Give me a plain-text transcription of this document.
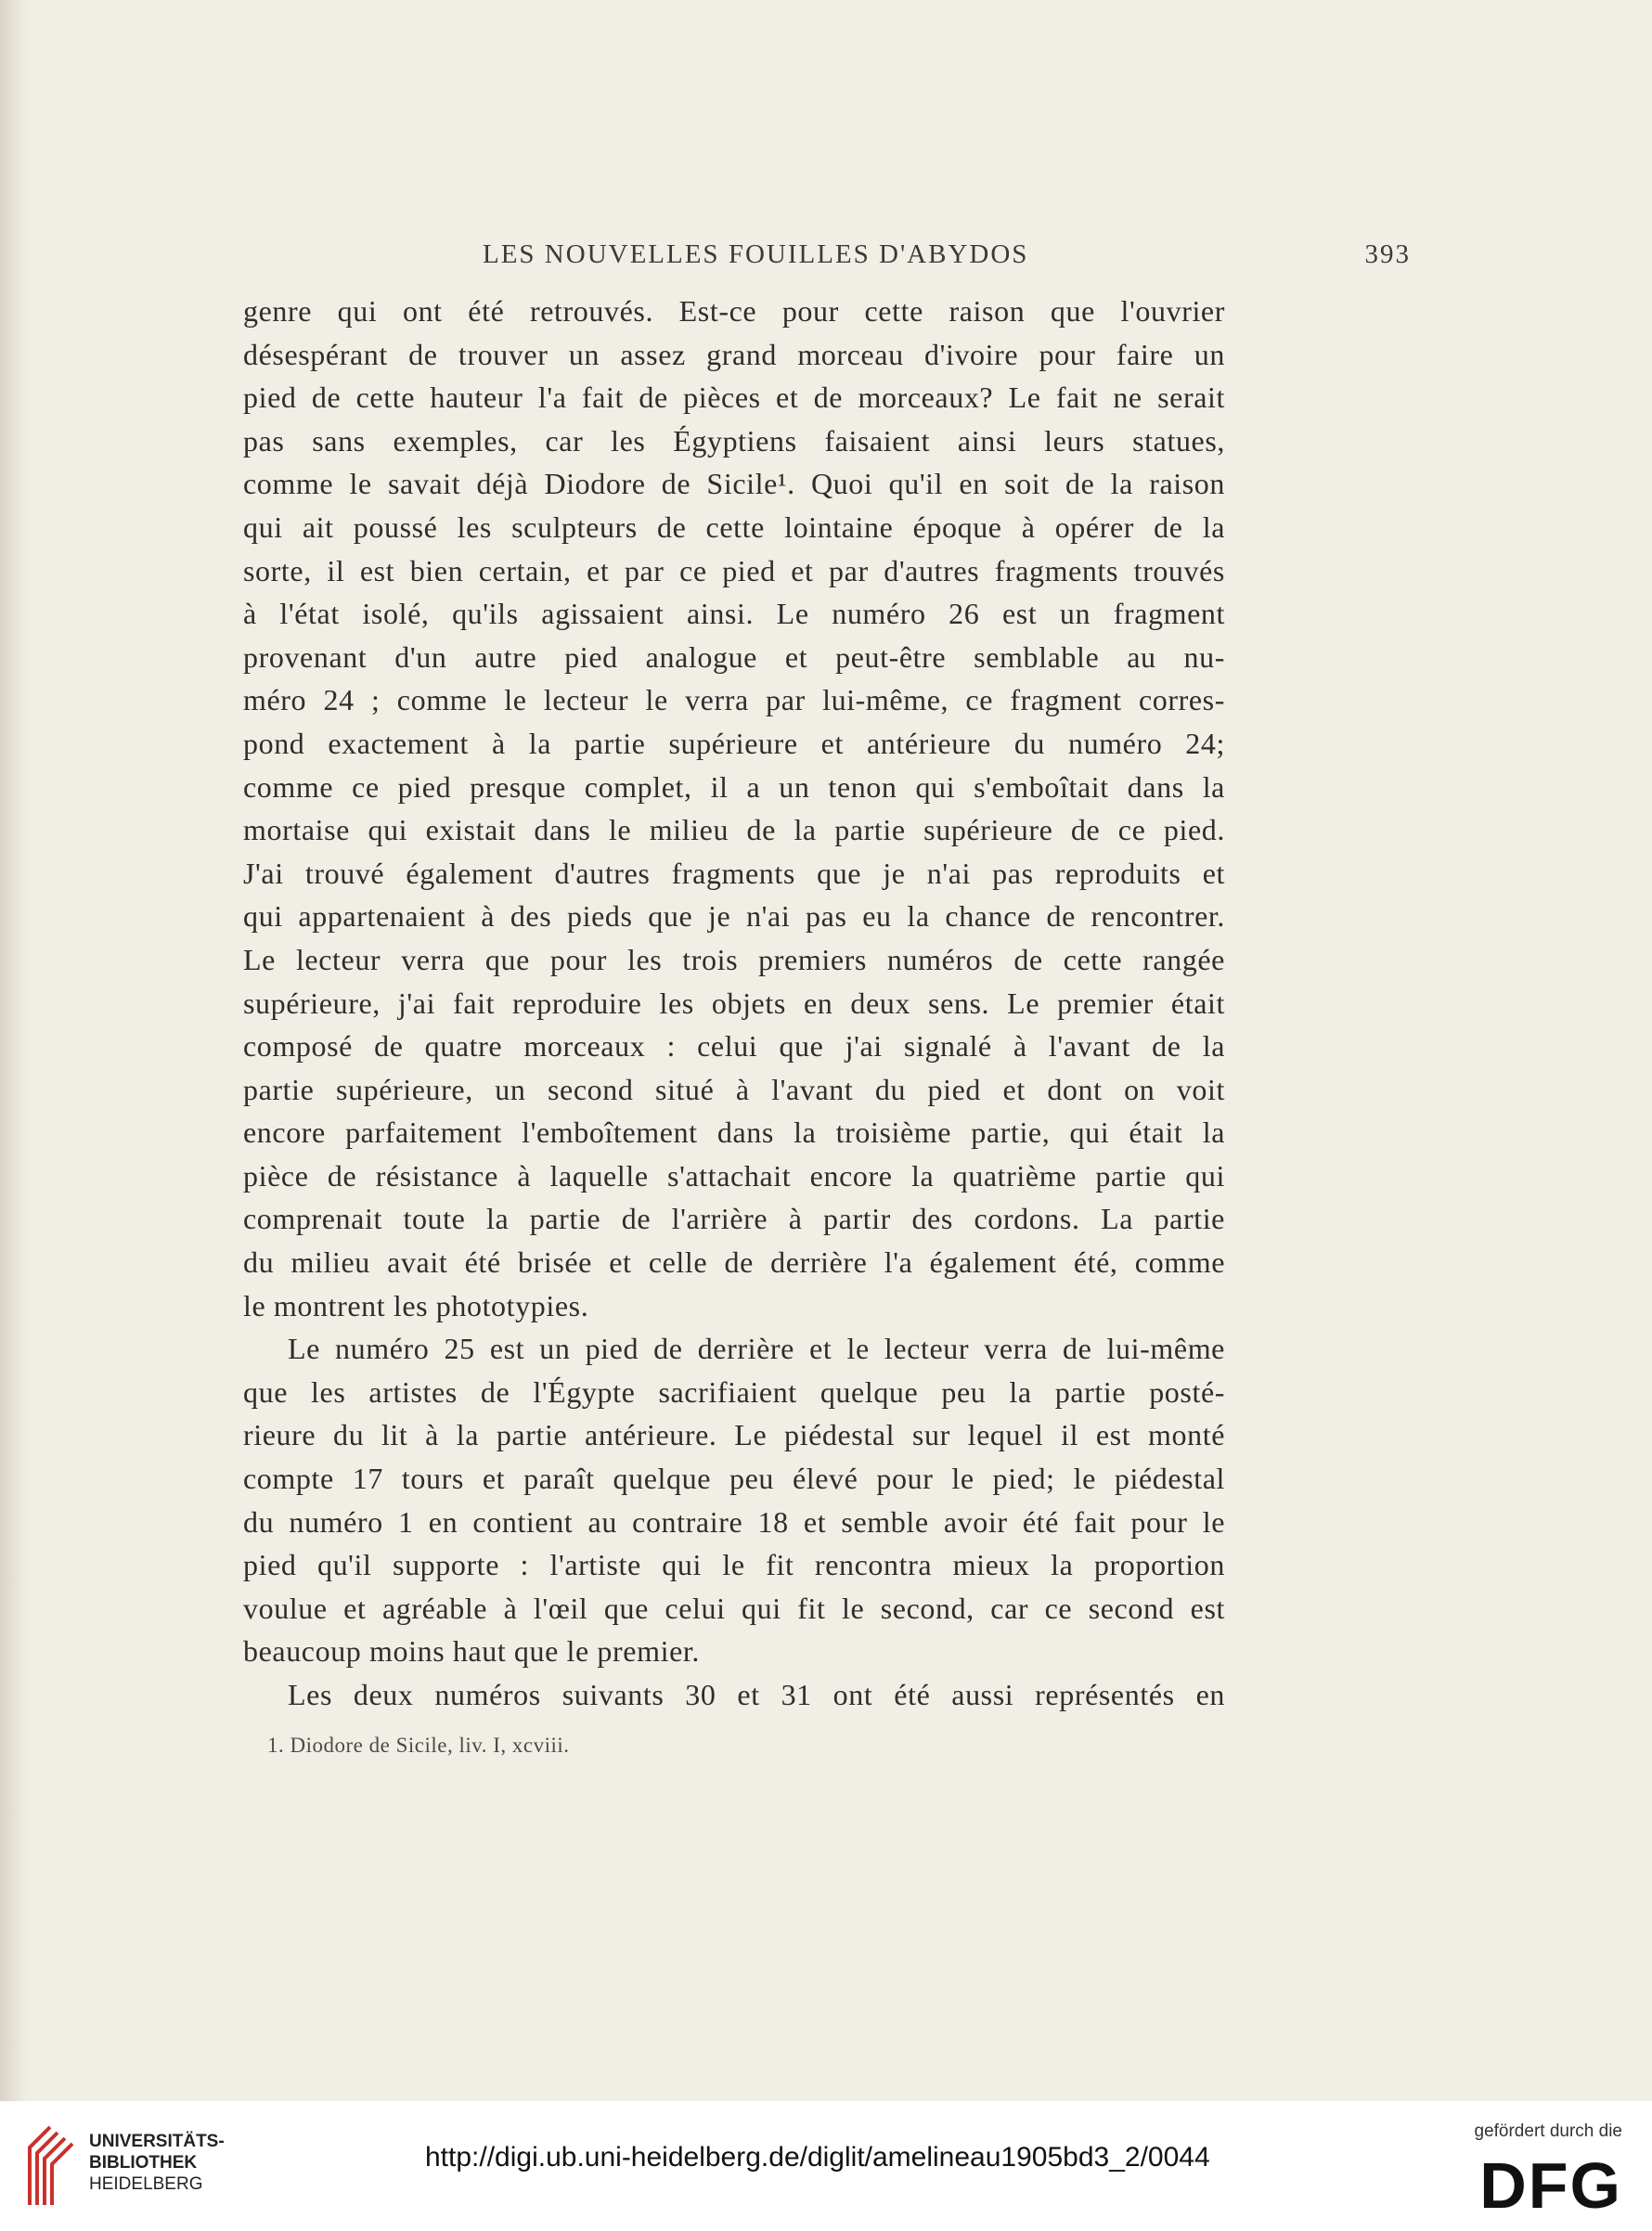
LES NOUVELLES FOUILLES D'ABYDOS	393
genre qui ont été retrouvés. Est-ce pour cette raison que l'ouvrier
désespérant de trouver un assez grand morceau d'ivoire pour faire un
pied de cette hauteur l'a fait de pièces et de morceaux? Le fait ne serait
pas sans exemples, car les Égyptiens faisaient ainsi leurs statues,
comme le savait déjà Diodore de Sicile¹. Quoi qu'il en soit de la raison
qui ait poussé les sculpteurs de cette lointaine époque à opérer de la
sorte, il est bien certain, et par ce pied et par d'autres fragments trouvés
à l'état isolé, qu'ils agissaient ainsi. Le numéro 26 est un fragment
provenant d'un autre pied analogue et peut-être semblable au nu-
méro 24 ; comme le lecteur le verra par lui-même, ce fragment corres-
pond exactement à la partie supérieure et antérieure du numéro 24;
comme ce pied presque complet, il a un tenon qui s'emboîtait dans la
mortaise qui existait dans le milieu de la partie supérieure de ce pied.
J'ai trouvé également d'autres fragments que je n'ai pas reproduits et
qui appartenaient à des pieds que je n'ai pas eu la chance de rencontrer.
Le lecteur verra que pour les trois premiers numéros de cette rangée
supérieure, j'ai fait reproduire les objets en deux sens. Le premier était
composé de quatre morceaux : celui que j'ai signalé à l'avant de la
partie supérieure, un second situé à l'avant du pied et dont on voit
encore parfaitement l'emboîtement dans la troisième partie, qui était la
pièce de résistance à laquelle s'attachait encore la quatrième partie qui
comprenait toute la partie de l'arrière à partir des cordons. La partie
du milieu avait été brisée et celle de derrière l'a également été, comme
le montrent les phototypies.
Le numéro 25 est un pied de derrière et le lecteur verra de lui-même
que les artistes de l'Égypte sacrifiaient quelque peu la partie posté-
rieure du lit à la partie antérieure. Le piédestal sur lequel il est monté
compte 17 tours et paraît quelque peu élevé pour le pied; le piédestal
du numéro 1 en contient au contraire 18 et semble avoir été fait pour le
pied qu'il supporte : l'artiste qui le fit rencontra mieux la proportion
voulue et agréable à l'œil que celui qui fit le second, car ce second est
beaucoup moins haut que le premier.
Les deux numéros suivants 30 et 31 ont été aussi représentés en
1. Diodore de Sicile, liv. I, xcviii.
UNIVERSITÄTS-
BIBLIOTHEK
HEIDELBERG
http://digi.ub.uni-heidelberg.de/diglit/amelineau1905bd3_2/0044
gefördert durch die
DFG
